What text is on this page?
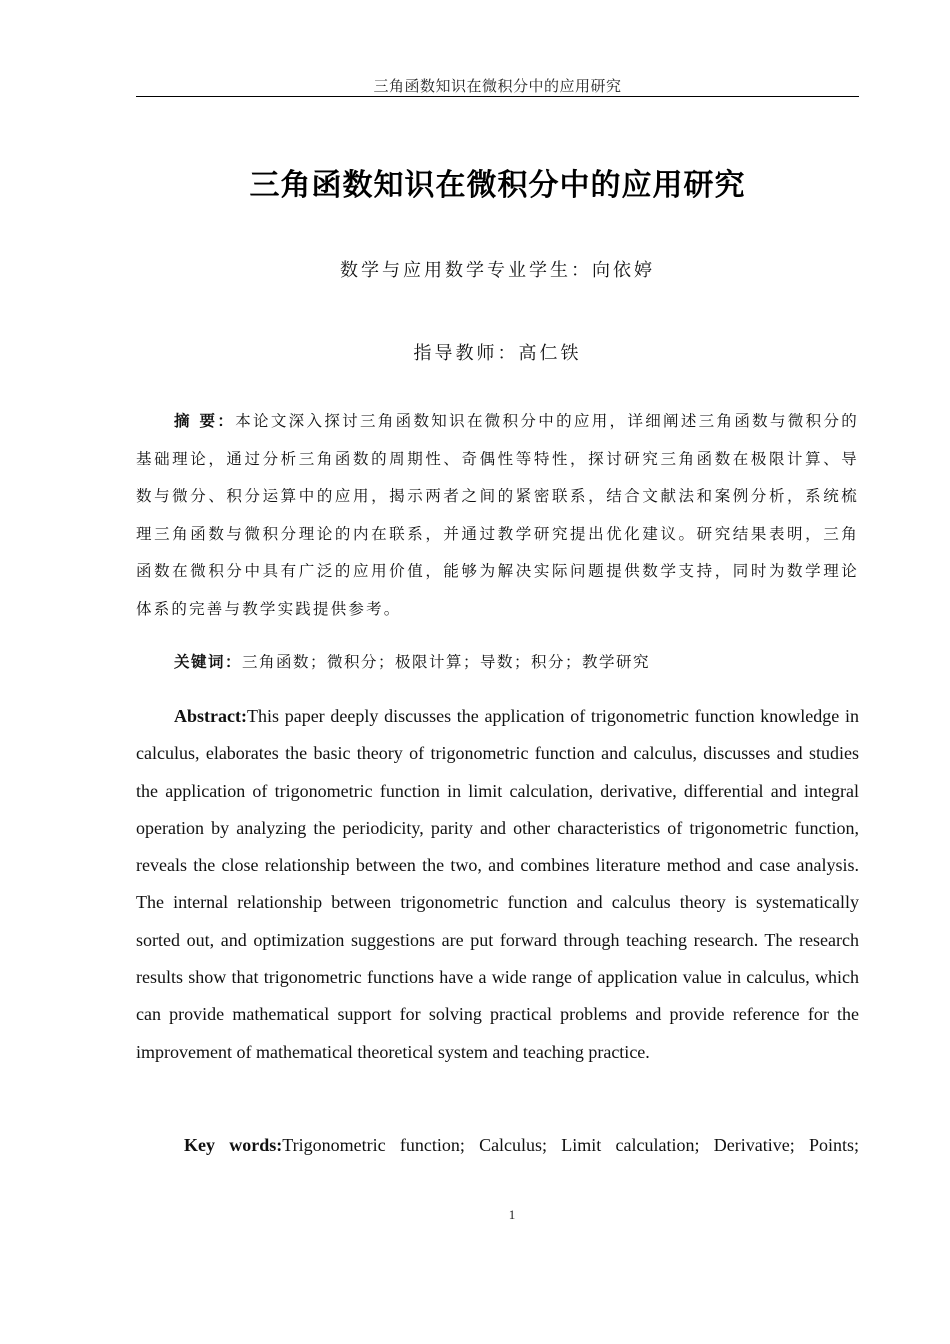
三角函数知识在微积分中的应用研究
三角函数知识在微积分中的应用研究
数学与应用数学专业学生：向依婷
指导教师：高仁铁

摘 要：本论文深入探讨三角函数知识在微积分中的应用，详细阐述三角函数与微积分的基础理论，通过分析三角函数的周期性、奇偶性等特性，探讨研究三角函数在极限计算、导数与微分、积分运算中的应用，揭示两者之间的紧密联系，结合文献法和案例分析，系统梳理三角函数与微积分理论的内在联系，并通过教学研究提出优化建议。研究结果表明，三角函数在微积分中具有广泛的应用价值，能够为解决实际问题提供数学支持，同时为数学理论体系的完善与教学实践提供参考。

关键词：三角函数；微积分；极限计算；导数；积分；教学研究

Abstract:This paper deeply discusses the application of trigonometric function knowledge in calculus, elaborates the basic theory of trigonometric function and calculus, discusses and studies the application of trigonometric function in limit calculation, derivative, differential and integral operation by analyzing the periodicity, parity and other characteristics of trigonometric function, reveals the close relationship between the two, and combines literature method and case analysis. The internal relationship between trigonometric function and calculus theory is systematically sorted out, and optimization suggestions are put forward through teaching research. The research results show that trigonometric functions have a wide range of application value in calculus, which can provide mathematical support for solving practical problems and provide reference for the improvement of mathematical theoretical system and teaching practice.

Key words:Trigonometric function; Calculus; Limit calculation; Derivative; Points;

1
